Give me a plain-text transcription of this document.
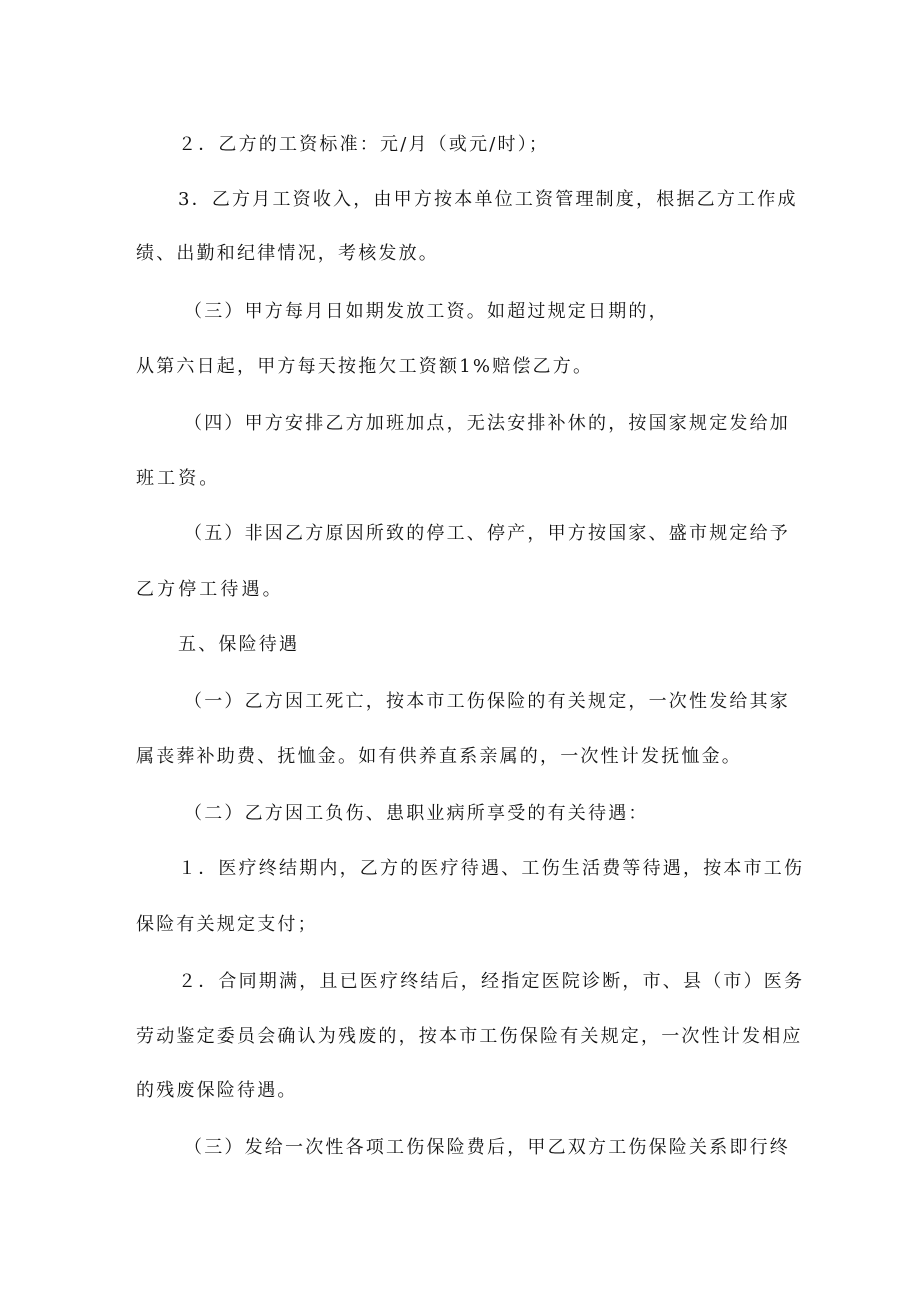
２．乙方的工资标准：元/月（或元/时）；
3．乙方月工资收入，由甲方按本单位工资管理制度，根据乙方工作成
绩、出勤和纪律情况，考核发放。
（三）甲方每月日如期发放工资。如超过规定日期的，
从第六日起，甲方每天按拖欠工资额1%赔偿乙方。
（四）甲方安排乙方加班加点，无法安排补休的，按国家规定发给加
班工资。
（五）非因乙方原因所致的停工、停产，甲方按国家、盛市规定给予
乙方停工待遇。
五、保险待遇
（一）乙方因工死亡，按本市工伤保险的有关规定，一次性发给其家
属丧葬补助费、抚恤金。如有供养直系亲属的，一次性计发抚恤金。
（二）乙方因工负伤、患职业病所享受的有关待遇：
１．医疗终结期内，乙方的医疗待遇、工伤生活费等待遇，按本市工伤
保险有关规定支付；
２．合同期满，且已医疗终结后，经指定医院诊断，市、县（市）医务
劳动鉴定委员会确认为残废的，按本市工伤保险有关规定，一次性计发相应
的残废保险待遇。
（三）发给一次性各项工伤保险费后，甲乙双方工伤保险关系即行终
